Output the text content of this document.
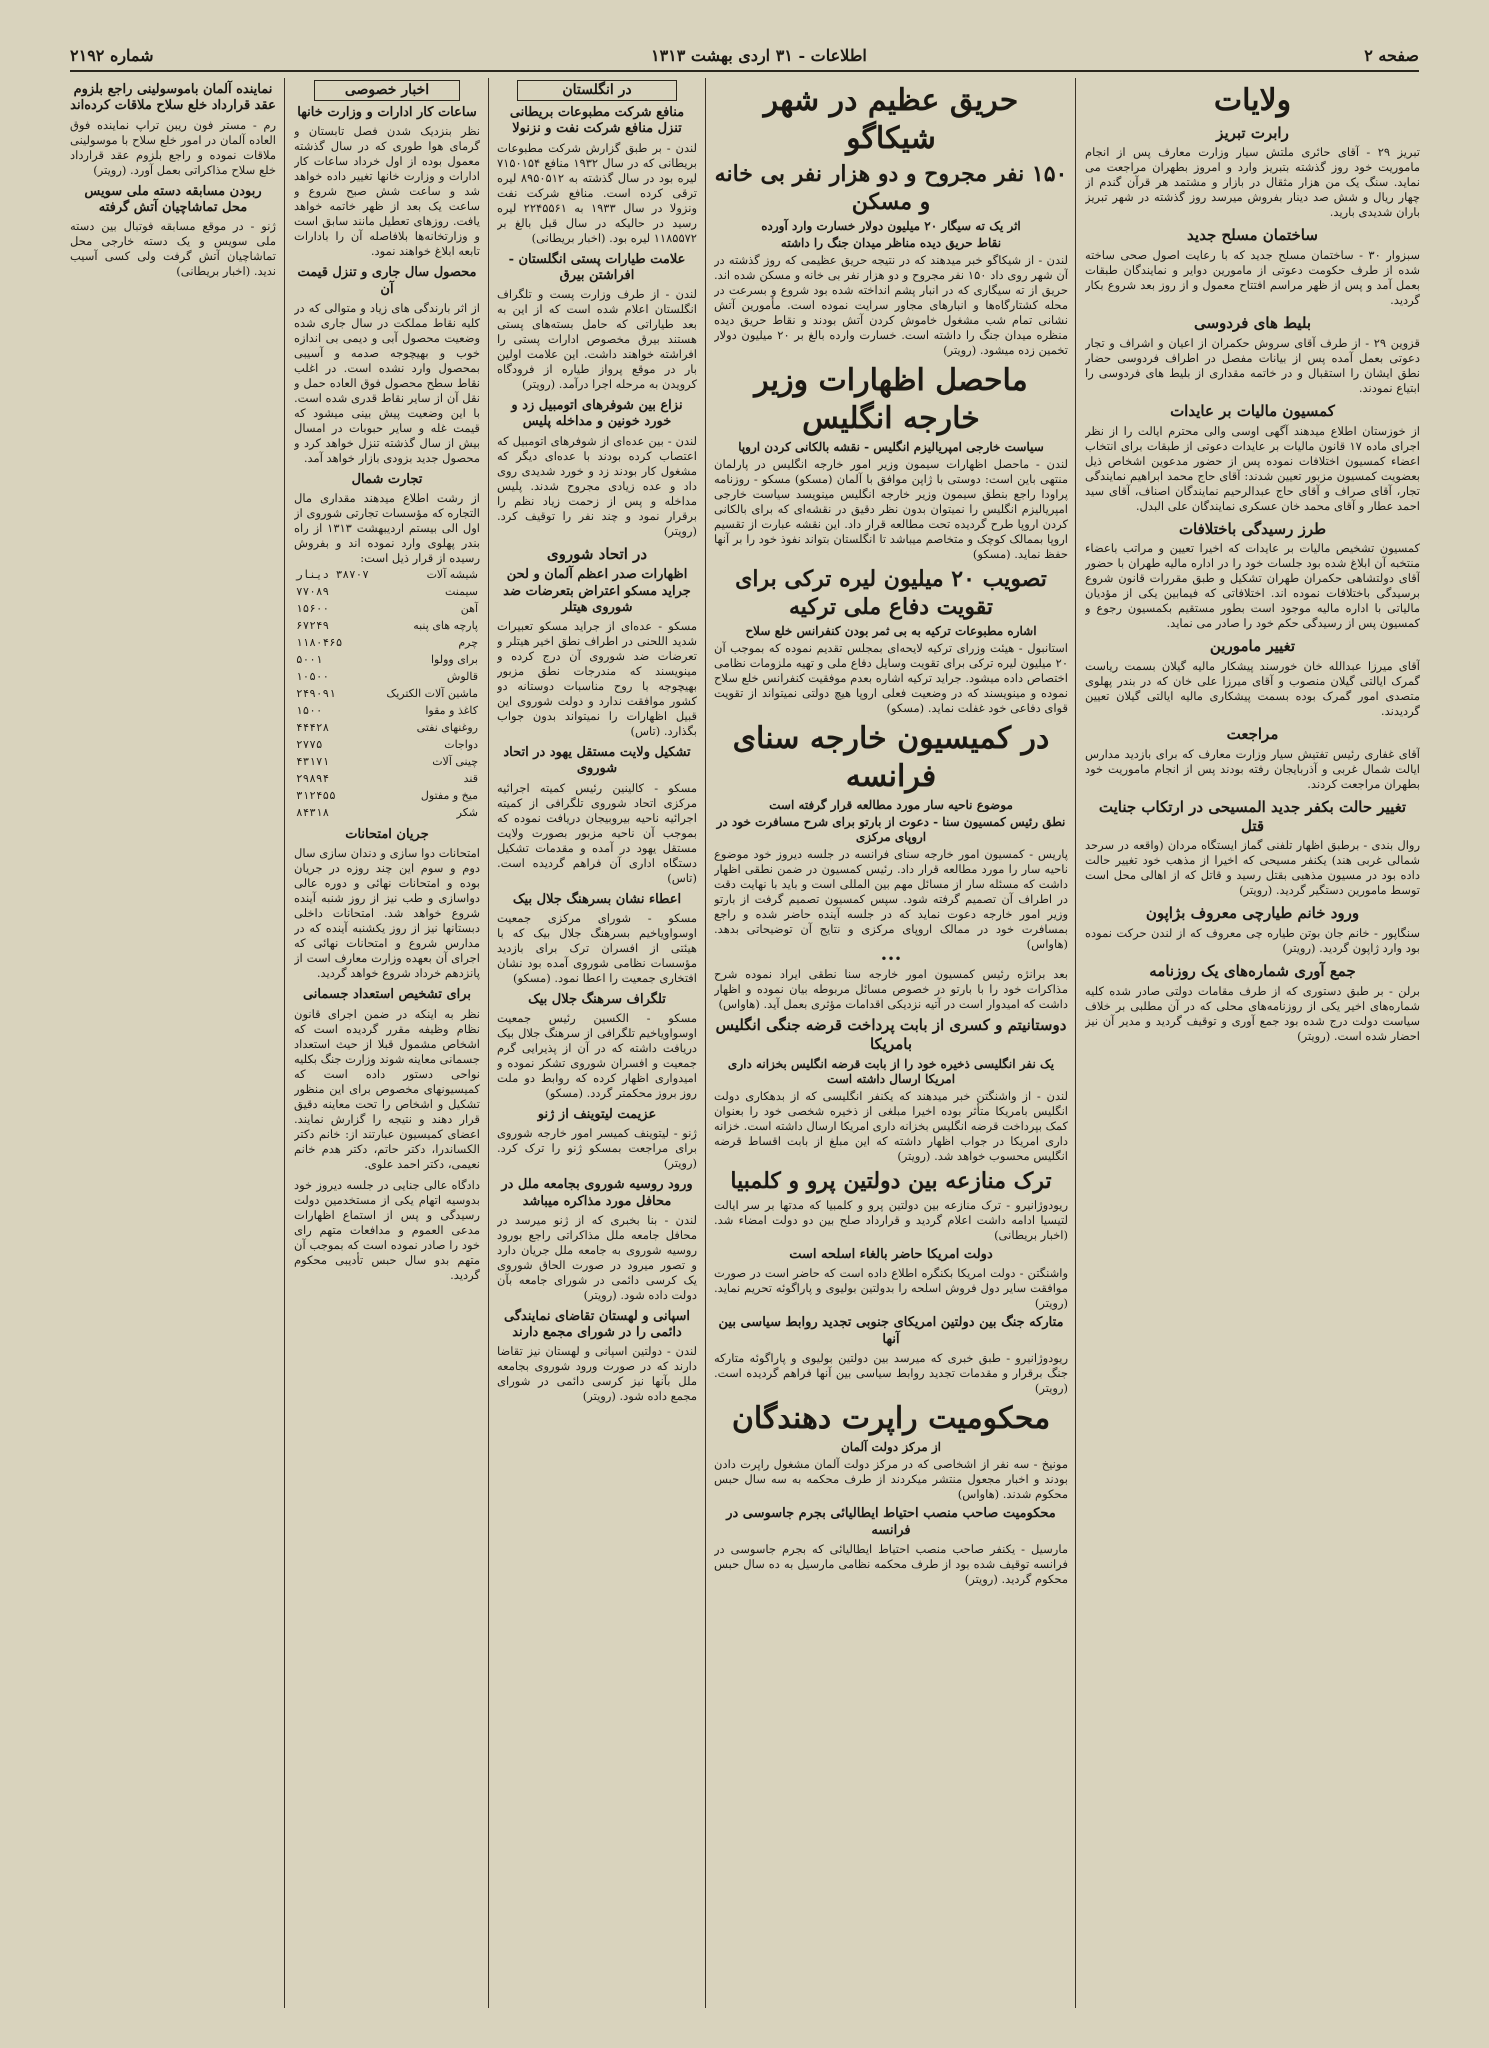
صفحه ۲
اطلاعات - ۳۱ اردی بهشت ۱۳۱۳
شماره ۲۱۹۲
ولایات
رابرت تبریز

تبریز ۲۹ - آقای حائری ملتش سیار وزارت معارف پس از انجام ماموریت خود روز گذشته بتبریز وارد و امروز بطهران مراجعت می نماید. سنگ یک من هزار مثقال در بازار و مشتمد هر قرآن گندم از چهار ریال و شش صد دینار بفروش میرسد روز گذشته در شهر تبریز باران شدیدی بارید.

ساختمان مسلح جدید

سبزوار ۳۰ - ساختمان مسلح جدید که با رعایت اصول صحی ساخته شده از طرف حکومت دعوتی از مامورین دوایر و نمایندگان طبقات بعمل آمد و پس از ظهر مراسم افتتاح معمول و از روز بعد شروع بکار گردید.

بلیط های فردوسی

قزوین ۲۹ - از طرف آقای سروش حکمران از اعیان و اشراف و تجار دعوتی بعمل آمده پس از بیانات مفصل در اطراف فردوسی حضار نطق ایشان را استقبال و در خاتمه مقداری از بلیط های فردوسی را ابتیاع نمودند.

کمسیون مالیات بر عایدات

از خوزستان اطلاع میدهند آگهی اوسی والی محترم ایالت را از نظر اجرای ماده ۱۷ قانون مالیات بر عایدات دعوتی از طبقات برای انتخاب اعضاء کمسیون اختلافات نموده پس از حضور مدعوین اشخاص ذیل بعضویت کمسیون مزبور تعیین شدند: آقای حاج محمد ابراهیم نمایندگی تجار، آقای صراف و آقای حاج عبدالرحیم نمایندگان اصناف، آقای سید احمد عطار و آقای محمد خان عسکری نمایندگان علی البدل.

طرز رسیدگی باختلافات

کمسیون تشخیص مالیات بر عایدات که اخیرا تعیین و مراتب باعضاء منتخبه آن ابلاغ شده بود جلسات خود را در اداره مالیه طهران با حضور آقای دولتشاهی حکمران طهران تشکیل و طبق مقررات قانون شروع برسیدگی باختلافات نموده اند. اختلافاتی که فیمابین یکی از مؤدیان مالیاتی با اداره مالیه موجود است بطور مستقیم بکمسیون رجوع و کمسیون پس از رسیدگی حکم خود را صادر می نماید.

تغییر مامورین

آقای میرزا عبدالله خان خورسند پیشکار مالیه گیلان بسمت ریاست گمرک ایالتی گیلان منصوب و آقای میرزا علی خان که در بندر پهلوی متصدی امور گمرک بوده بسمت پیشکاری مالیه ایالتی گیلان تعیین گردیدند.

مراجعت

آقای غفاری رئیس تفتیش سیار وزارت معارف که برای بازدید مدارس ایالت شمال غربی و آذربایجان رفته بودند پس از انجام ماموریت خود بطهران مراجعت کردند.

تغییر حالت بکفر جدید المسیحی در ارتکاب جنایت قتل

روال بندی - برطبق اظهار تلفنی گماز ایستگاه مردان (واقعه در سرحد شمالی غربی هند) یکنفر مسیحی که اخیرا از مذهب خود تغییر حالت داده بود در مسیون مذهبی بقتل رسید و قاتل که از اهالی محل است توسط مامورین دستگیر گردید. (رویتر)

ورود خانم طیارچی معروف بژاپون

سنگاپور - خانم جان بوتن طیاره چی معروف که از لندن حرکت نموده بود وارد ژاپون گردید. (رویتر)

جمع آوری شماره‌های یک روزنامه

برلن - بر طبق دستوری که از طرف مقامات دولتی صادر شده کلیه شماره‌های اخیر یکی از روزنامه‌های محلی که در آن مطلبی بر خلاف سیاست دولت درج شده بود جمع آوری و توقیف گردید و مدیر آن نیز احضار شده است. (رویتر)

اخبار خصوصی
ساعات کار ادارات و وزارت خانها

نظر بنزدیک شدن فصل تابستان و گرمای هوا طوری که در سال گذشته معمول بوده از اول خرداد ساعات کار ادارات و وزارت خانها تغییر داده خواهد شد و ساعت شش صبح شروع و ساعت یک بعد از ظهر خاتمه خواهد یافت. روزهای تعطیل مانند سابق است و وزارتخانه‌ها بلافاصله آن را بادارات تابعه ابلاغ خواهند نمود.

محصول سال جاری و تنزل قیمت آن

از اثر بارندگی های زیاد و متوالی که در کلیه نقاط مملکت در سال جاری شده وضعیت محصول آبی و دیمی بی اندازه خوب و بهیچوجه صدمه و آسیبی بمحصول وارد نشده است. در اغلب نقاط سطح محصول فوق العاده حمل و نقل آن از سایر نقاط قدری شده است. با این وضعیت پیش بینی میشود که قیمت غله و سایر حبوبات در امسال بیش از سال گذشته تنزل خواهد کرد و محصول جدید بزودی بازار خواهد آمد.

تجارت شمال

از رشت اطلاع میدهند مقداری مال التجاره که مؤسسات تجارتی شوروی از اول الی بیستم اردیبهشت ۱۳۱۳ از راه بندر پهلوی وارد نموده اند و بفروش رسیده از قرار ذیل است:

شیشه آلات	۳۸۷۰۷ دینار
سیمنت	۷۷۰۸۹
آهن	۱۵۶۰۰
پارچه های پنبه	۶۷۲۴۹
چرم	۱۱۸۰۴۶۵
برای وولوا	۵۰۰۱
قالوش	۱۰۵۰۰
ماشین آلات الکتریک	۲۴۹۰۹۱
کاغذ و مقوا	۱۵۰۰
روغنهای نفتی	۴۴۴۲۸
دواجات	۲۷۷۵
چینی آلات	۴۳۱۷۱
قند	۲۹۸۹۴
میخ و مفتول	۳۱۲۴۵۵
شکر	۸۴۳۱۸
جریان امتحانات

امتحانات دوا سازی و دندان سازی سال دوم و سوم این چند روزه در جریان بوده و امتحانات نهائی و دوره عالی دواسازی و طب نیز از روز شنبه آینده شروع خواهد شد. امتحانات داخلی دبستانها نیز از روز یکشنبه آینده که در مدارس شروع و امتحانات نهائی که اجرای آن بعهده وزارت معارف است از پانزدهم خرداد شروع خواهد گردید.

برای تشخیص استعداد جسمانی

نظر به اینکه در ضمن اجرای قانون نظام وظیفه مقرر گردیده است که اشخاص مشمول قبلا از حیث استعداد جسمانی معاینه شوند وزارت جنگ بکلیه نواحی دستور داده است که کمیسیونهای مخصوص برای این منظور تشکیل و اشخاص را تحت معاینه دقیق قرار دهند و نتیجه را گزارش نمایند. اعضای کمیسیون عبارتند از: خانم دکتر الکساندرا، دکتر حاتم، دکتر هدم خانم نعیمی، دکتر احمد علوی.

دادگاه عالی جنایی در جلسه دیروز خود بدوسیه اتهام یکی از مستخدمین دولت رسیدگی و پس از استماع اظهارات مدعی العموم و مدافعات متهم رای خود را صادر نموده است که بموجب آن متهم بدو سال حبس تأدیبی محکوم گردید.

در انگلستان
منافع شرکت مطبوعات بریطانی تنزل منافع شرکت نفت و نزنولا

لندن - بر طبق گزارش شرکت مطبوعات بریطانی که در سال ۱۹۳۲ منافع ۷۱۵۰۱۵۴ لیره بود در سال گذشته به ۸۹۵۰۵۱۲ لیره ترقی کرده است. منافع شرکت نفت ونزولا در سال ۱۹۳۳ به ۲۲۴۵۵۶۱ لیره رسید در حالیکه در سال قبل بالغ بر ۱۱۸۵۵۷۲ لیره بود. (اخبار بریطانی)

علامت طیارات پستی انگلستان - افراشتن بیرق

لندن - از طرف وزارت پست و تلگراف انگلستان اعلام شده است که از این به بعد طیاراتی که حامل بسته‌های پستی هستند بیرق مخصوص ادارات پستی را افراشته خواهند داشت. این علامت اولین بار در موقع پرواز طیاره از فرودگاه کرویدن به مرحله اجرا درآمد. (رویتر)

نزاع بین شوفرهای اتومبیل زد و خورد خونین و مداخله پلیس

لندن - بین عده‌ای از شوفرهای اتومبیل که اعتصاب کرده بودند با عده‌ای دیگر که مشغول کار بودند زد و خورد شدیدی روی داد و عده زیادی مجروح شدند. پلیس مداخله و پس از زحمت زیاد نظم را برقرار نمود و چند نفر را توقیف کرد. (رویتر)

در اتحاد شوروی
اظهارات صدر اعظم آلمان و لحن جراید مسکو اعتراض بتعرضات ضد شوروی هیتلر

مسکو - عده‌ای از جراید مسکو تعبیرات شدید اللحنی در اطراف نطق اخیر هیتلر و تعرضات ضد شوروی آن درج کرده و مینویسند که مندرجات نطق مزبور بهیچوجه با روح مناسبات دوستانه دو کشور موافقت ندارد و دولت شوروی این قبیل اظهارات را نمیتواند بدون جواب بگذارد. (تاس)

تشکیل ولایت مستقل یهود در اتحاد شوروی

مسکو - کالینین رئیس کمیته اجرائیه مرکزی اتحاد شوروی تلگرافی از کمیته اجرائیه ناحیه بیروبیجان دریافت نموده که بموجب آن ناحیه مزبور بصورت ولایت مستقل یهود در آمده و مقدمات تشکیل دستگاه اداری آن فراهم گردیده است. (تاس)

اعطاء نشان بسرهنگ جلال بیک

مسکو - شورای مرکزی جمعیت اوسواویاخیم بسرهنگ جلال بیک که با هیئتی از افسران ترک برای بازدید مؤسسات نظامی شوروی آمده بود نشان افتخاری جمعیت را اعطا نمود. (مسکو)

تلگراف سرهنگ جلال بیک

مسکو - الکسین رئیس جمعیت اوسواویاخیم تلگرافی از سرهنگ جلال بیک دریافت داشته که در آن از پذیرایی گرم جمعیت و افسران شوروی تشکر نموده و امیدواری اظهار کرده که روابط دو ملت روز بروز محکمتر گردد. (مسکو)

عزیمت لیتوینف از ژنو

ژنو - لیتوینف کمیسر امور خارجه شوروی برای مراجعت بمسکو ژنو را ترک کرد. (رویتر)

ورود روسیه شوروی بجامعه ملل در محافل مورد مذاکره میباشد

لندن - بنا بخبری که از ژنو میرسد در محافل جامعه ملل مذاکراتی راجع بورود روسیه شوروی به جامعه ملل جریان دارد و تصور میرود در صورت الحاق شوروی یک کرسی دائمی در شورای جامعه بآن دولت داده شود. (رویتر)

اسپانی و لهستان تقاضای نمایندگی دائمی را در شورای مجمع دارند

لندن - دولتین اسپانی و لهستان نیز تقاضا دارند که در صورت ورود شوروی بجامعه ملل بآنها نیز کرسی دائمی در شورای مجمع داده شود. (رویتر)

نماینده آلمان باموسولینی راجع بلزوم عقد قرارداد خلع سلاح ملاقات کرده‌اند

رم - مستر فون ریبن تراپ نماینده فوق العاده آلمان در امور خلع سلاح با موسولینی ملاقات نموده و راجع بلزوم عقد قرارداد خلع سلاح مذاکراتی بعمل آورد. (رویتر)

ربودن مسابقه دسته ملی سویس محل تماشاچیان آتش گرفته

ژنو - در موقع مسابقه فوتبال بین دسته ملی سویس و یک دسته خارجی محل تماشاچیان آتش گرفت ولی کسی آسیب ندید. (اخبار بریطانی)

حریق عظیم در شهر شیکاگو
۱۵۰ نفر مجروح و دو هزار نفر بی خانه و مسکن
اثر یک ته سیگار ۲۰ میلیون دولار خسارت وارد آورده
نقاط حریق دیده مناظر میدان جنگ را داشته

لندن - از شیکاگو خبر میدهند که در نتیجه حریق عظیمی که روز گذشته در آن شهر روی داد ۱۵۰ نفر مجروح و دو هزار نفر بی خانه و مسکن شده اند. حریق از ته سیگاری که در انبار پشم انداخته شده بود شروع و بسرعت در محله کشتارگاه‌ها و انبارهای مجاور سرایت نموده است. مأمورین آتش نشانی تمام شب مشغول خاموش کردن آتش بودند و نقاط حریق دیده منظره میدان جنگ را داشته است. خسارت وارده بالغ بر ۲۰ میلیون دولار تخمین زده میشود. (رویتر)

ماحصل اظهارات وزیر خارجه انگلیس
سیاست خارجی امپریالیزم انگلیس - نقشه بالکانی کردن اروپا

لندن - ماحصل اظهارات سیمون وزیر امور خارجه انگلیس در پارلمان منتهی باین است: دوستی با ژاپن موافق با آلمان (مسکو) مسکو - روزنامه پراودا راجع بنطق سیمون وزیر خارجه انگلیس مینویسد سیاست خارجی امپریالیزم انگلیس را نمیتوان بدون نظر دقیق در نقشه‌ای که برای بالکانی کردن اروپا طرح گردیده تحت مطالعه قرار داد. این نقشه عبارت از تقسیم اروپا بممالک کوچک و متخاصم میباشد تا انگلستان بتواند نفوذ خود را بر آنها حفظ نماید. (مسکو)

تصویب ۲۰ میلیون لیره ترکی برای تقویت دفاع ملی ترکیه
اشاره مطبوعات ترکیه به بی ثمر بودن کنفرانس خلع سلاح

استانبول - هیئت وزرای ترکیه لایحه‌ای بمجلس تقدیم نموده که بموجب آن ۲۰ میلیون لیره ترکی برای تقویت وسایل دفاع ملی و تهیه ملزومات نظامی اختصاص داده میشود. جراید ترکیه اشاره بعدم موفقیت کنفرانس خلع سلاح نموده و مینویسند که در وضعیت فعلی اروپا هیچ دولتی نمیتواند از تقویت قوای دفاعی خود غفلت نماید. (مسکو)

در کمیسیون خارجه سنای فرانسه
موضوع ناحیه سار مورد مطالعه قرار گرفته است
نطق رئیس کمسیون سنا - دعوت از بارتو برای شرح مسافرت خود در اروپای مرکزی

پاریس - کمسیون امور خارجه سنای فرانسه در جلسه دیروز خود موضوع ناحیه سار را مورد مطالعه قرار داد. رئیس کمسیون در ضمن نطقی اظهار داشت که مسئله سار از مسائل مهم بین المللی است و باید با نهایت دقت در اطراف آن تصمیم گرفته شود. سپس کمسیون تصمیم گرفت از بارتو وزیر امور خارجه دعوت نماید که در جلسه آینده حاضر شده و راجع بمسافرت خود در ممالک اروپای مرکزی و نتایج آن توضیحاتی بدهد. (هاواس)

•••

بعد برانژه رئیس کمسیون امور خارجه سنا نطقی ایراد نموده شرح مذاکرات خود را با بارتو در خصوص مسائل مربوطه بیان نموده و اظهار داشت که امیدوار است در آتیه نزدیکی اقدامات مؤثری بعمل آید. (هاواس)

دوستانیتم و کسری از بابت پرداخت قرضه جنگی انگلیس بامریکا
یک نفر انگلیسی ذخیره خود را از بابت قرضه انگلیس بخزانه داری امریکا ارسال داشته است

لندن - از واشنگتن خبر میدهند که یکنفر انگلیسی که از بدهکاری دولت انگلیس بامریکا متأثر بوده اخیرا مبلغی از ذخیره شخصی خود را بعنوان کمک بپرداخت قرضه انگلیس بخزانه داری امریکا ارسال داشته است. خزانه داری امریکا در جواب اظهار داشته که این مبلغ از بابت اقساط قرضه انگلیس محسوب خواهد شد. (رویتر)

ترک منازعه بین دولتین پرو و کلمبیا

ریودوژانیرو - ترک منازعه بین دولتین پرو و کلمبیا که مدتها بر سر ایالت لتیسیا ادامه داشت اعلام گردید و قرارداد صلح بین دو دولت امضاء شد. (اخبار بریطانی)

دولت امریکا حاضر بالغاء اسلحه است

واشنگتن - دولت امریکا بکنگره اطلاع داده است که حاضر است در صورت موافقت سایر دول فروش اسلحه را بدولتین بولیوی و پاراگوئه تحریم نماید. (رویتر)

متارکه جنگ بین دولتین امریکای جنوبی تجدید روابط سیاسی بین آنها

ریودوژانیرو - طبق خبری که میرسد بین دولتین بولیوی و پاراگوئه متارکه جنگ برقرار و مقدمات تجدید روابط سیاسی بین آنها فراهم گردیده است. (رویتر)

محکومیت راپرت دهندگان
از مرکز دولت آلمان

مونیخ - سه نفر از اشخاصی که در مرکز دولت آلمان مشغول راپرت دادن بودند و اخبار مجعول منتشر میکردند از طرف محکمه به سه سال حبس محکوم شدند. (هاواس)

محکومیت صاحب منصب احتیاط ایطالیائی بجرم جاسوسی در فرانسه

مارسیل - یکنفر صاحب منصب احتیاط ایطالیائی که بجرم جاسوسی در فرانسه توقیف شده بود از طرف محکمه نظامی مارسیل به ده سال حبس محکوم گردید. (رویتر)
